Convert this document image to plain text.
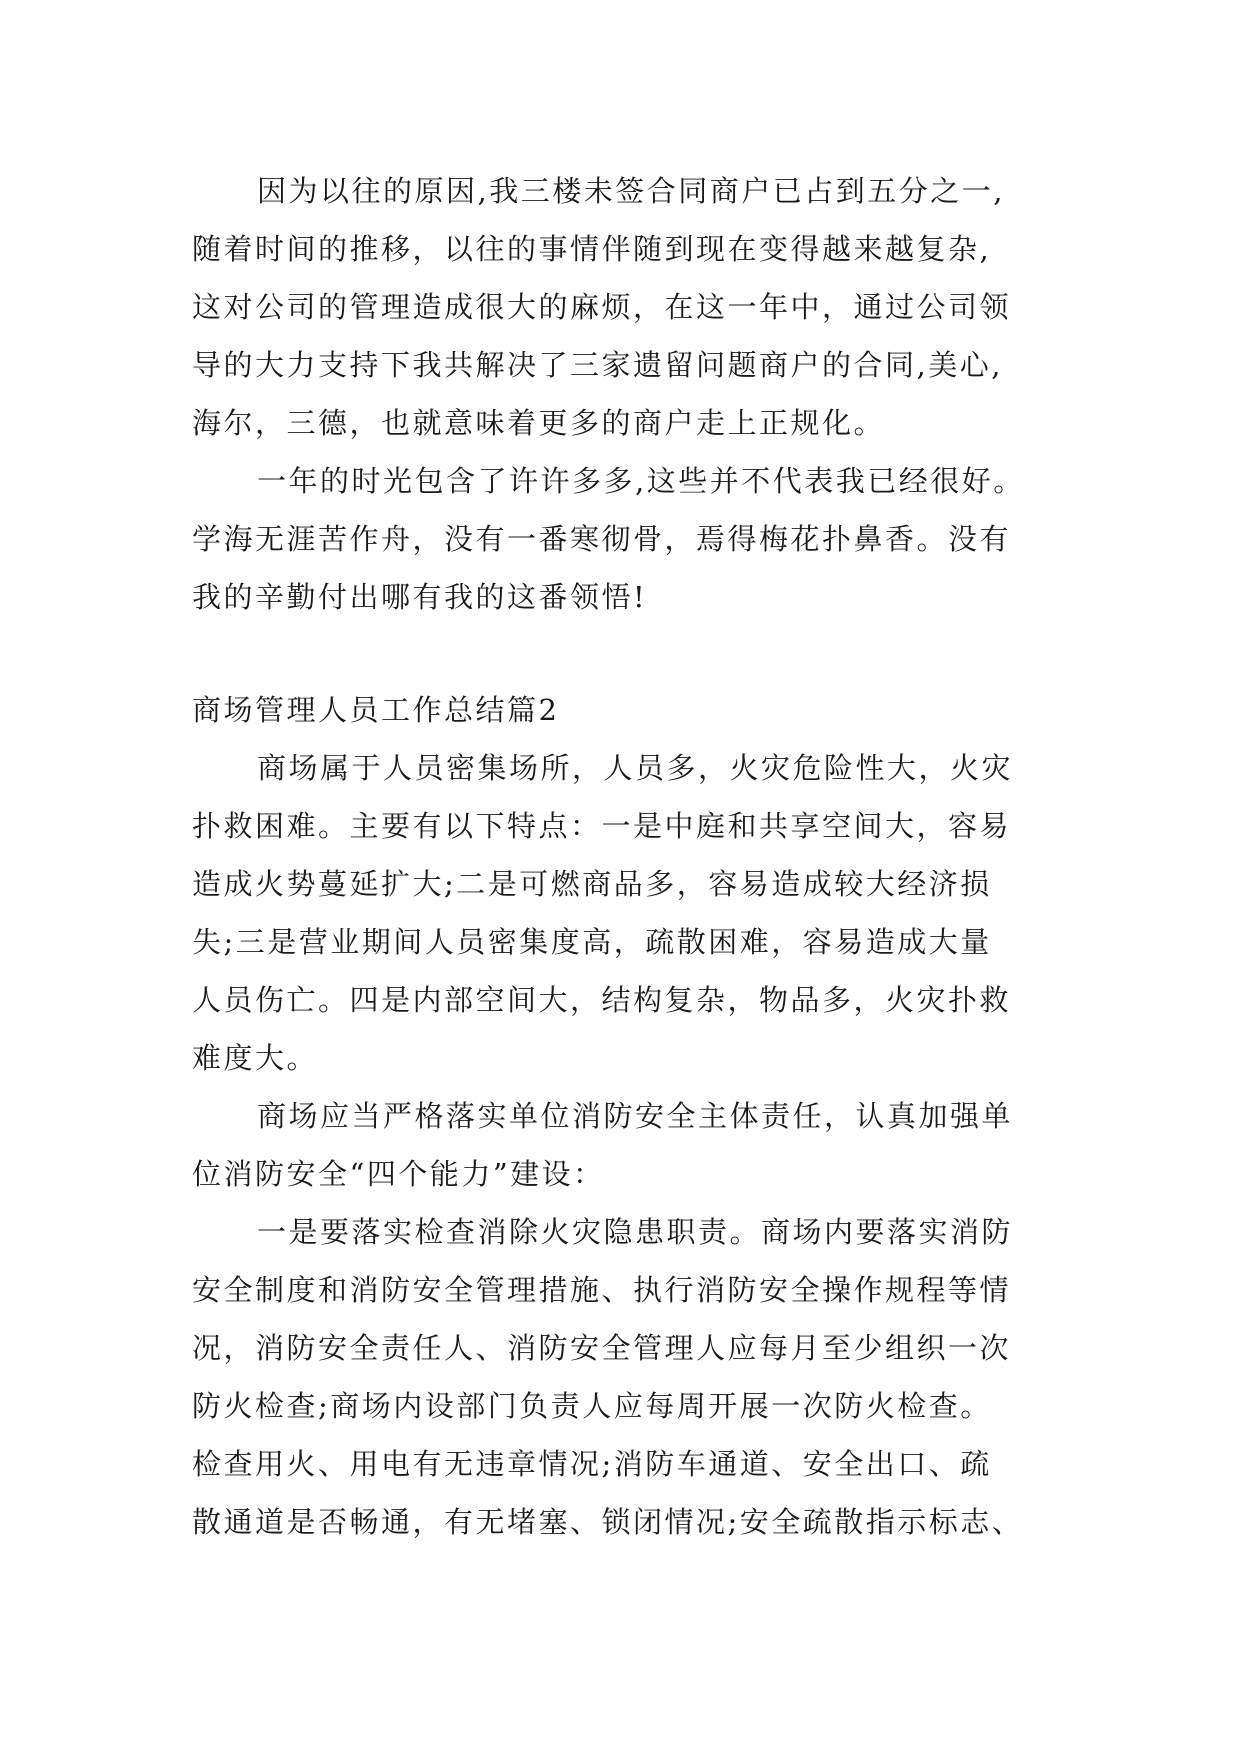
因为以往的原因,我三楼未签合同商户已占到五分之一,
随着时间的推移，以往的事情伴随到现在变得越来越复杂,
这对公司的管理造成很大的麻烦，在这一年中，通过公司领
导的大力支持下我共解决了三家遗留问题商户的合同,美心,
海尔，三德，也就意味着更多的商户走上正规化。
一年的时光包含了许许多多,这些并不代表我已经很好。
学海无涯苦作舟，没有一番寒彻骨，焉得梅花扑鼻香。没有
我的辛勤付出哪有我的这番领悟!
商场管理人员工作总结篇2
商场属于人员密集场所，人员多，火灾危险性大，火灾
扑救困难。主要有以下特点：一是中庭和共享空间大，容易
造成火势蔓延扩大;二是可燃商品多，容易造成较大经济损
失;三是营业期间人员密集度高，疏散困难，容易造成大量
人员伤亡。四是内部空间大，结构复杂，物品多，火灾扑救
难度大。
商场应当严格落实单位消防安全主体责任，认真加强单
位消防安全“四个能力”建设：
一是要落实检查消除火灾隐患职责。商场内要落实消防
安全制度和消防安全管理措施、执行消防安全操作规程等情
况，消防安全责任人、消防安全管理人应每月至少组织一次
防火检查;商场内设部门负责人应每周开展一次防火检查。
检查用火、用电有无违章情况;消防车通道、安全出口、疏
散通道是否畅通，有无堵塞、锁闭情况;安全疏散指示标志、
